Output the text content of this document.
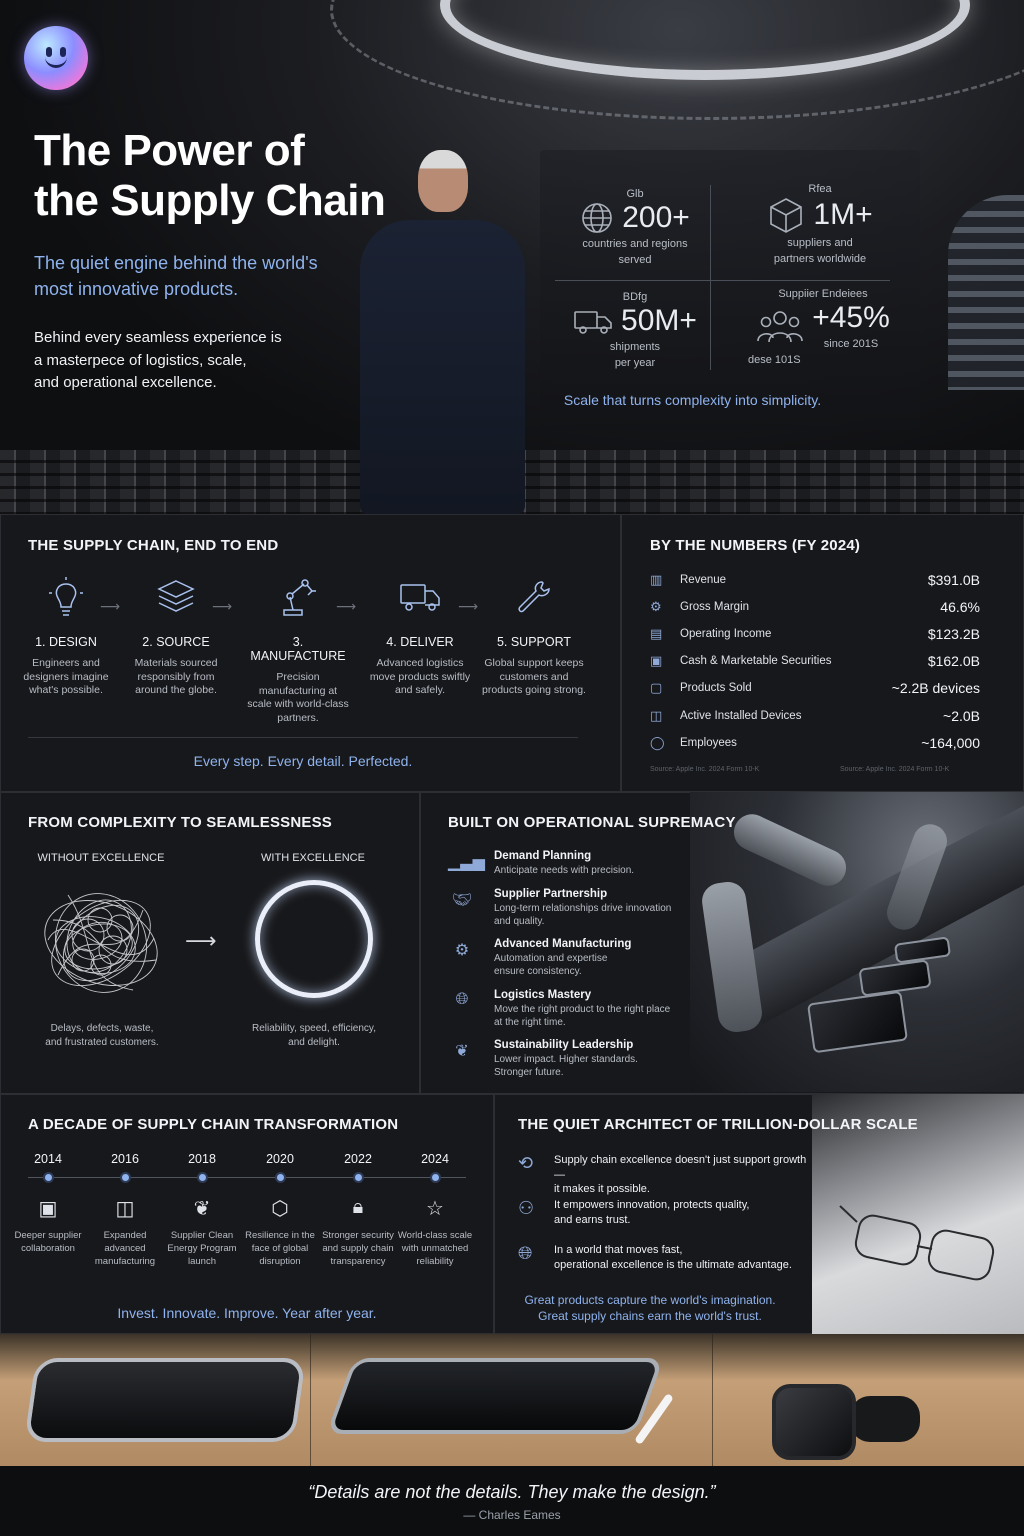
The Power of
the Supply Chain
The quiet engine behind the world's most innovative products.
Behind every seamless experience is
a masterpece of logistics, scale,
and operational excellence.
Glb
200+
countries and regions
served
Rfea
1M+
suppliers and
partners worldwide
BDfg
50M+
shipments
per year
Suppiier Endeiees
+45%
since 201S
dese 101S
Scale that turns complexity into simplicity.
THE SUPPLY CHAIN, END TO END
1. DESIGN
Engineers and designers imagine what's possible.
⟶
2. SOURCE
Materials sourced responsibly from around the globe.
⟶
3. MANUFACTURE
Precision manufacturing at scale with world-class partners.
⟶
4. DELIVER
Advanced logistics move products swiftly and safely.
⟶
5. SUPPORT
Global support keeps customers and products going strong.
Every step. Every detail. Perfected.
BY THE NUMBERS (FY 2024)
▥	Revenue	$391.0B
⚙	Gross Margin	46.6%
▤	Operating Income	$123.2B
▣	Cash & Marketable Securities	$162.0B
▢	Products Sold	~2.2B devices
◫	Active Installed Devices	~2.0B
◯	Employees	~164,000
Source: Apple Inc. 2024 Form 10-K	Source: Apple Inc. 2024 Form 10-K
FROM COMPLEXITY TO SEAMLESSNESS
WITHOUT EXCELLENCE	WITH EXCELLENCE
⟶
Delays, defects, waste,
and frustrated customers.
Reliability, speed, efficiency,
and delight.
BUILT ON OPERATIONAL SUPREMACY
▁▃▅ Demand Planning
Anticipate needs with precision.
🤝︎	Supplier Partnership
Long-term relationships drive innovation and quality.
⚙	Advanced Manufacturing
Automation and expertise ensure consistency.
🌐︎	Logistics Mastery
Move the right product to the right place at the right time.
❦	Sustainability Leadership
Lower impact. Higher standards. Stronger future.
A DECADE OF SUPPLY CHAIN TRANSFORMATION
2014	2016	2018	2020	2022	2024
▣	◫	❦	⬡	🔒︎	☆
Deeper supplier collaboration
Expanded advanced manufacturing
Supplier Clean Energy Program launch
Resilience in the face of global disruption
Stronger security and supply chain transparency
World-class scale with unmatched reliability
Invest. Innovate. Improve. Year after year.
THE QUIET ARCHITECT OF TRILLION-DOLLAR SCALE
⟲ Supply chain excellence doesn't just support growth—
it makes it possible.
⚇ It empowers innovation, protects quality,
and earns trust.
🌐︎ In a world that moves fast,
operational excellence is the ultimate advantage.
Great products capture the world's imagination.
Great supply chains earn the world's trust.
“Details are not the details. They make the design.”
— Charles Eames
